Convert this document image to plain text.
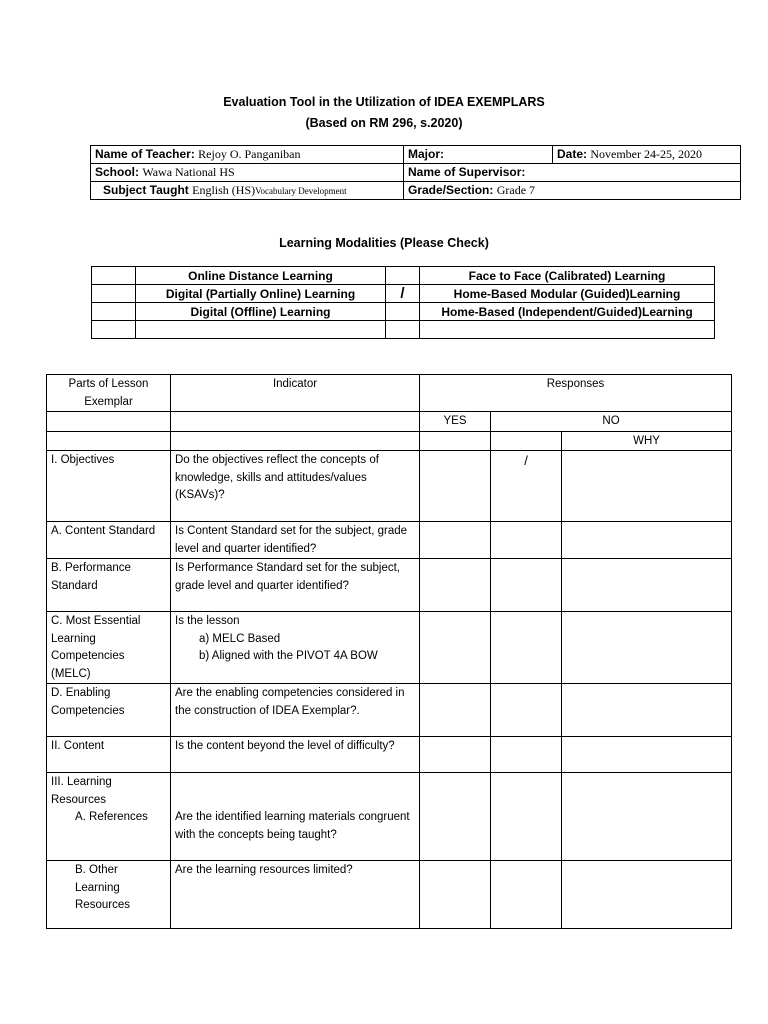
Evaluation Tool in the Utilization of IDEA EXEMPLARS
(Based on RM 296, s.2020)
Name of Teacher: Rejoy O. Panganiban	Major:	Date: November 24-25, 2020
School: Wawa National HS	Name of Supervisor:	
Subject Taught English (HS)Vocabulary Development	Grade/Section: Grade 7	
Learning Modalities (Please Check)
	Online Distance Learning		Face to Face (Calibrated) Learning
	Digital (Partially Online) Learning	/	Home-Based Modular (Guided)Learning
	Digital (Offline) Learning		Home-Based (Independent/Guided)Learning

Parts of Lesson Exemplar	Indicator	Responses		
		YES	NO	
				WHY
I. Objectives	Do the objectives reflect the concepts of knowledge, skills and attitudes/values (KSAVs)?		/	
A. Content Standard	Is Content Standard set for the subject, grade level and quarter identified?			
B. Performance Standard	Is Performance Standard set for the subject, grade level and quarter identified?			
C. Most Essential Learning Competencies (MELC)	Is the lesson
a) MELC Based
b) Aligned with the PIVOT 4A BOW			

D. Enabling Competencies	Are the enabling competencies considered in the construction of IDEA Exemplar?.			
II. Content	Is the content beyond the level of difficulty?			

III. Learning Resources
A. References	Are the identified learning materials congruent with the concepts being taught?			

B. Other Learning Resources	Are the learning resources limited?			
